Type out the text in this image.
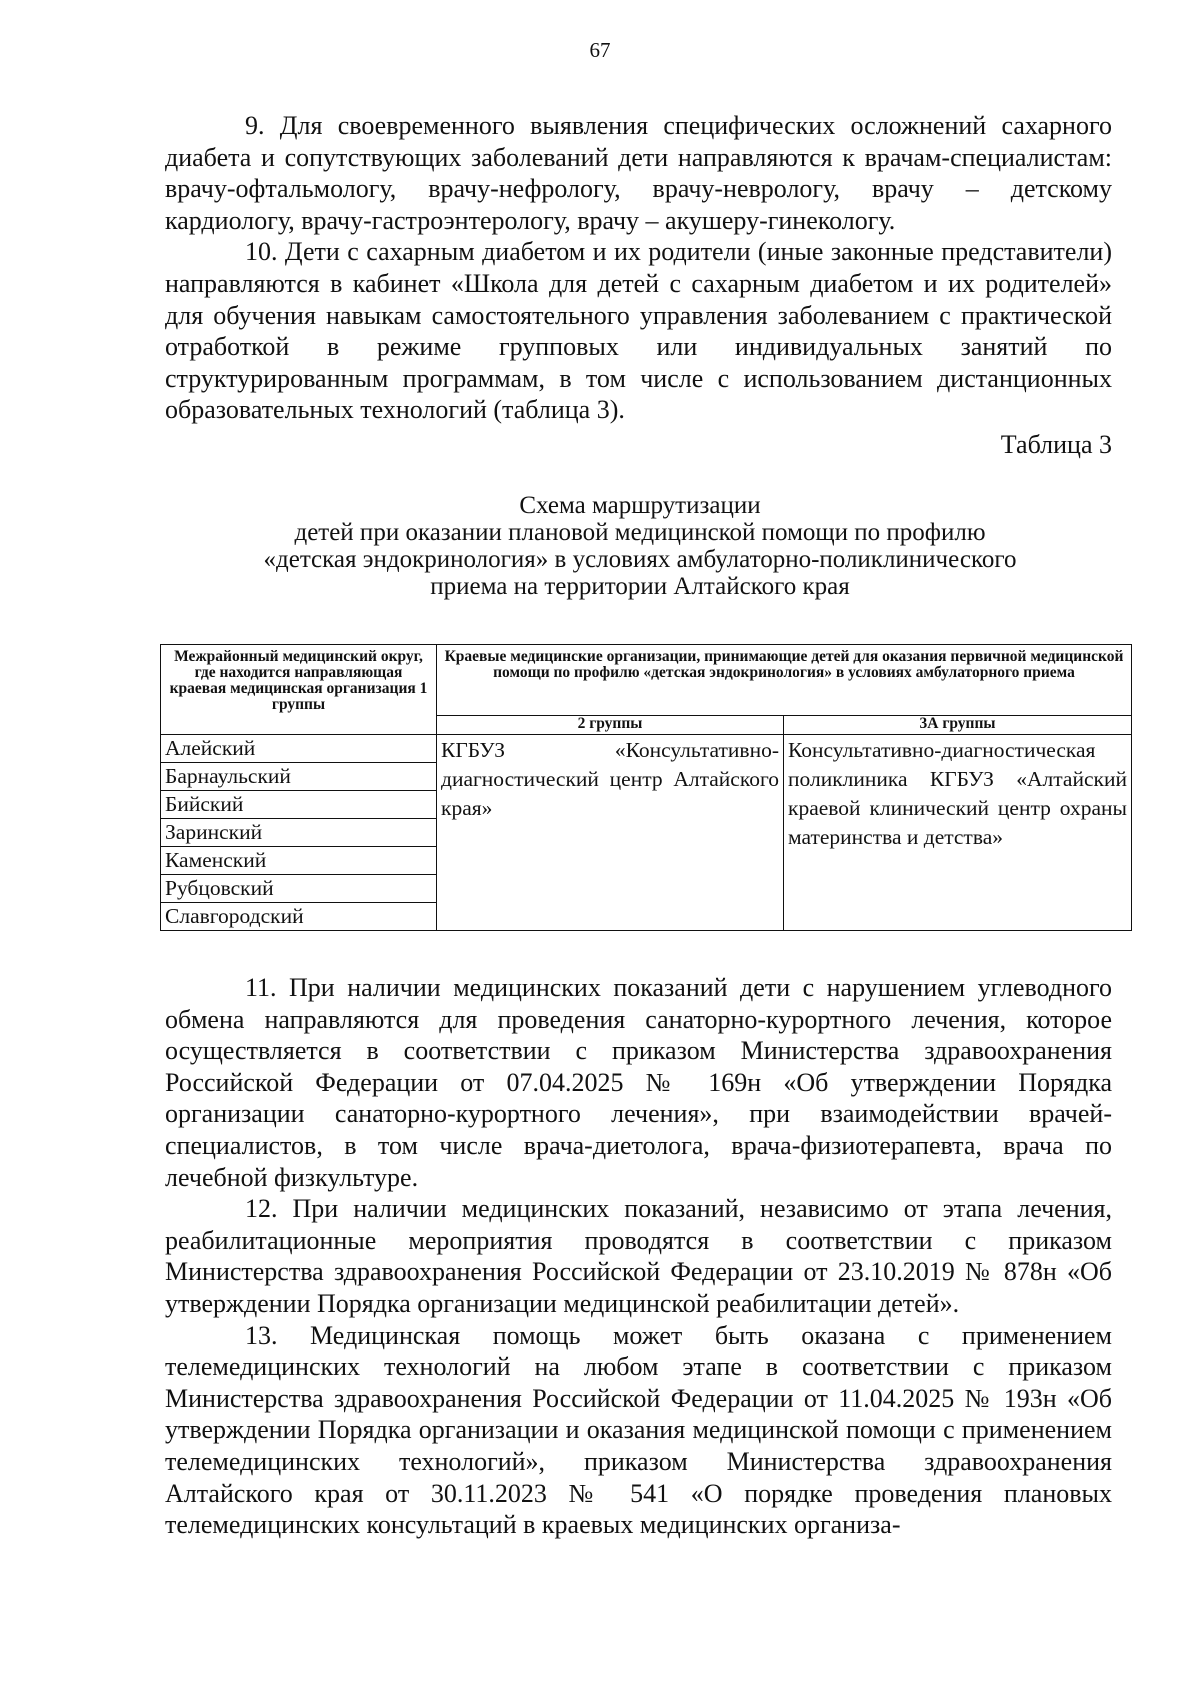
67

9. Для своевременного выявления специфических осложнений сахарного диабета и сопутствующих заболеваний дети направляются к врачам-специалистам: врачу-офтальмологу, врачу-нефрологу, врачу-неврологу, врачу – детскому кардиологу, врачу-гастроэнтерологу, врачу – акушеру-гинекологу.

10. Дети с сахарным диабетом и их родители (иные законные представители) направляются в кабинет «Школа для детей с сахарным диабетом и их родителей» для обучения навыкам самостоятельного управления заболеванием с практической отработкой в режиме групповых или индивидуальных занятий по структурированным программам, в том числе с использованием дистанционных образовательных технологий (таблица 3).

Таблица 3
Схема маршрутизации
детей при оказании плановой медицинской помощи по профилю
«детская эндокринология» в условиях амбулаторно-поликлинического
приема на территории Алтайского края
Межрайонный медицинский округ, где находится направляющая краевая медицинская организация 1 группы	Краевые медицинские организации, принимающие детей для оказания первичной медицинской помощи по профилю «детская эндокринология» в условиях амбулаторного приема	
	2 группы	3А группы
Алейский	КГБУЗ «Консультативно-диагностический центр Алтайского края»	Консультативно-диагностическая поликлиника КГБУЗ «Алтайский краевой клинический центр охраны материнства и детства»

Барнаульский		
Бийский		
Заринский		
Каменский		
Рубцовский		
Славгородский		

11. При наличии медицинских показаний дети с нарушением углеводного обмена направляются для проведения санаторно-курортного лечения, которое осуществляется в соответствии с приказом Министерства здравоохранения Российской Федерации от 07.04.2025 № 169н «Об утверждении Порядка организации санаторно-курортного лечения», при взаимодействии врачей-специалистов, в том числе врача-диетолога, врача-физиотерапевта, врача по лечебной физкультуре.

12. При наличии медицинских показаний, независимо от этапа лечения, реабилитационные мероприятия проводятся в соответствии с приказом Министерства здравоохранения Российской Федерации от 23.10.2019 № 878н «Об утверждении Порядка организации медицинской реабилитации детей».

13. Медицинская помощь может быть оказана с применением телемедицинских технологий на любом этапе в соответствии с приказом Министерства здравоохранения Российской Федерации от 11.04.2025 № 193н «Об утверждении Порядка организации и оказания медицинской помощи с применением телемедицинских технологий», приказом Министерства здравоохранения Алтайского края от 30.11.2023 № 541 «О порядке проведения плановых телемедицинских консультаций в краевых медицинских организа-
